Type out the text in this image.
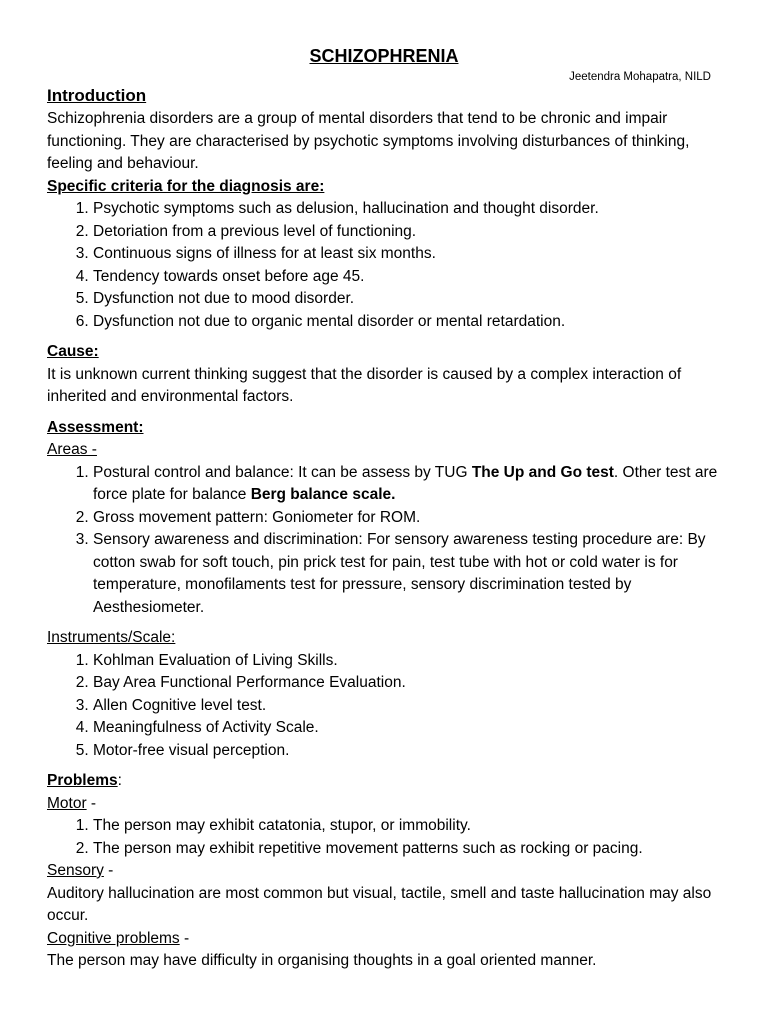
SCHIZOPHRENIA
Jeetendra Mohapatra, NILD
Introduction

Schizophrenia disorders are a group of mental disorders that tend to be chronic and impair functioning. They are characterised by psychotic symptoms involving disturbances of thinking, feeling and behaviour.

Specific criteria for the diagnosis are:

1. Psychotic symptoms such as delusion, hallucination and thought disorder.
2. Detoriation from a previous level of functioning.
3. Continuous signs of illness for at least six months.
4. Tendency towards onset before age 45.
5. Dysfunction not due to mood disorder.
6. Dysfunction not due to organic mental disorder or mental retardation.

Cause:

It is unknown current thinking suggest that the disorder is caused by a complex interaction of inherited and environmental factors.

Assessment:

Areas -

1. Postural control and balance: It can be assess by TUG The Up and Go test. Other test are force plate for balance Berg balance scale.
2. Gross movement pattern: Goniometer for ROM.
3. Sensory awareness and discrimination: For sensory awareness testing procedure are: By cotton swab for soft touch, pin prick test for pain, test tube with hot or cold water is for temperature, monofilaments test for pressure, sensory discrimination tested by Aesthesiometer.

Instruments/Scale:

1. Kohlman Evaluation of Living Skills.
2. Bay Area Functional Performance Evaluation.
3. Allen Cognitive level test.
4. Meaningfulness of Activity Scale.
5. Motor-free visual perception.

Problems:

Motor -

1. The person may exhibit catatonia, stupor, or immobility.
2. The person may exhibit repetitive movement patterns such as rocking or pacing.

Sensory -

Auditory hallucination are most common but visual, tactile, smell and taste hallucination may also occur.

Cognitive problems -

The person may have difficulty in organising thoughts in a goal oriented manner.
